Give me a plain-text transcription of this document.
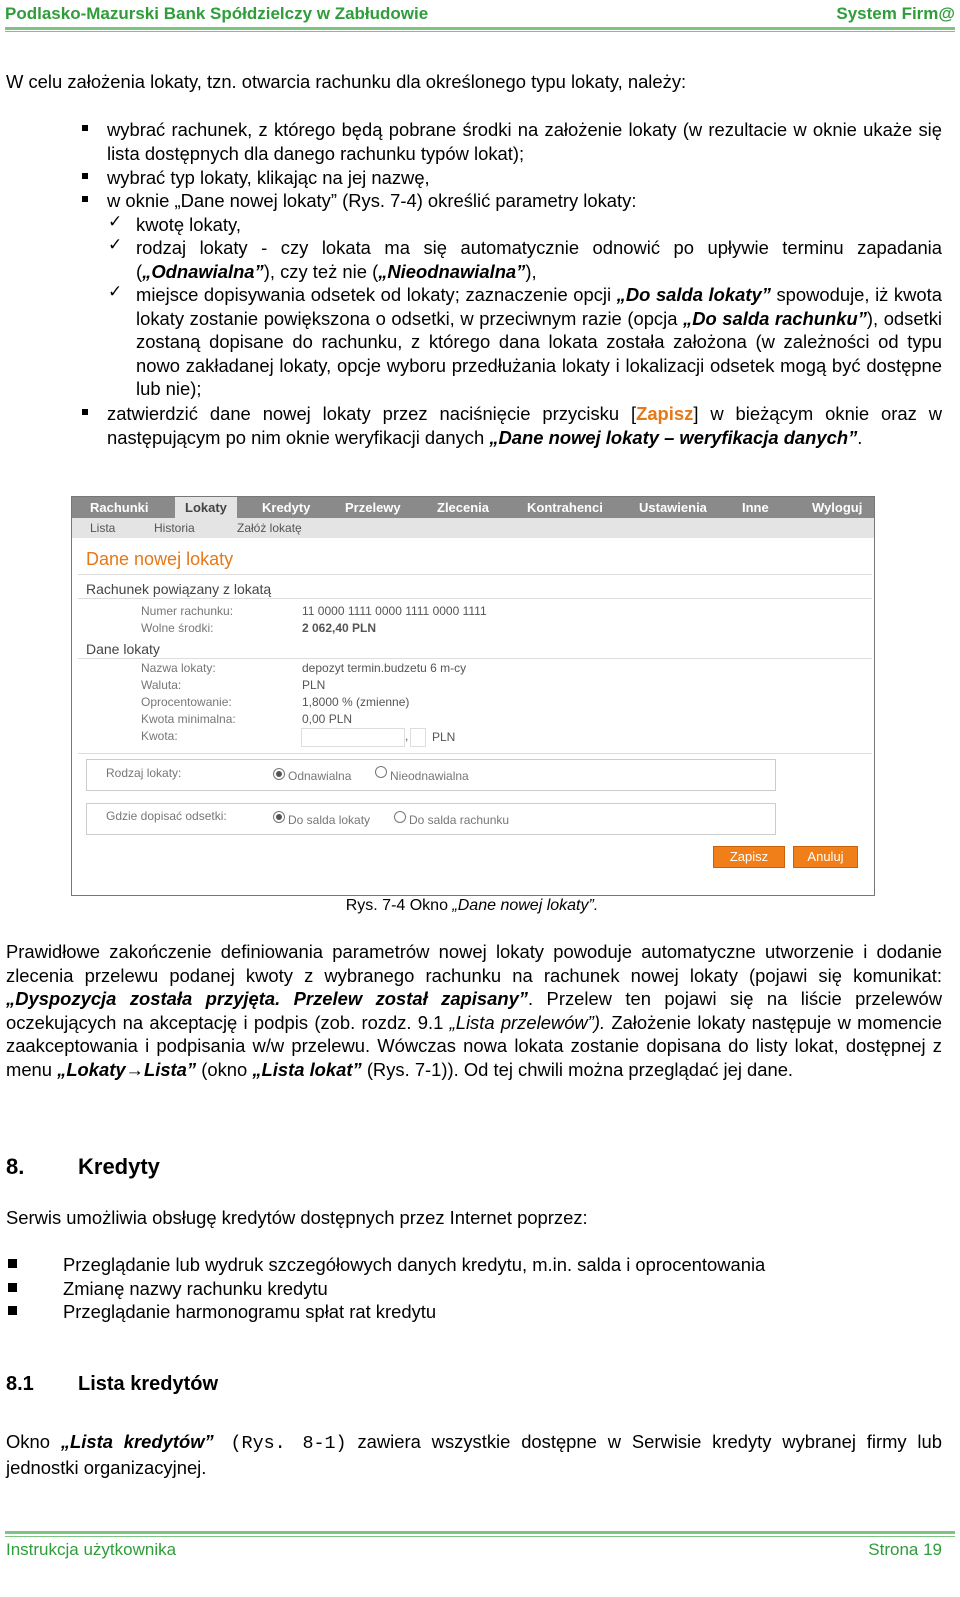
Podlasko-Mazurski Bank Spółdzielczy w Zabłudowie	System Firm@
W celu założenia lokaty, tzn. otwarcia rachunku dla określonego typu lokaty, należy:
wybrać rachunek, z którego będą pobrane środki na założenie lokaty (w rezultacie w oknie ukaże się lista dostępnych dla danego rachunku typów lokat);
wybrać typ lokaty, klikając na jej nazwę,
w oknie „Dane nowej lokaty” (Rys. 7-4) określić parametry lokaty:
✓ kwotę lokaty,
✓ rodzaj lokaty - czy lokata ma się automatycznie odnowić po upływie terminu zapadania („Odnawialna”), czy też nie („Nieodnawialna”),
✓ miejsce dopisywania odsetek od lokaty; zaznaczenie opcji „Do salda lokaty” spowoduje, iż kwota lokaty zostanie powiększona o odsetki, w przeciwnym razie (opcja „Do salda rachunku”), odsetki zostaną dopisane do rachunku, z którego dana lokata została założona (w zależności od typu nowo zakładanej lokaty, opcje wyboru przedłużania lokaty i lokalizacji odsetek mogą być dostępne lub nie);
zatwierdzić dane nowej lokaty przez naciśnięcie przycisku [Zapisz] w bieżącym oknie oraz w następującym po nim oknie weryfikacji danych „Dane nowej lokaty – weryfikacja danych”.
Rachunki	Lokaty	Kredyty	Przelewy	Zlecenia	Kontrahenci	Ustawienia	Inne	Wyloguj
Lista	Historia	Załóż lokatę
Dane nowej lokaty
Rachunek powiązany z lokatą
Numer rachunku:	11 0000 1111 0000 1111 0000 1111
Wolne środki:	2 062,40 PLN
Dane lokaty
Nazwa lokaty:	depozyt termin.budzetu 6 m-cy
Waluta:	PLN
Oprocentowanie:	1,8000 % (zmienne)
Kwota minimalna:	0,00 PLN
Kwota:	, PLN
Rodzaj lokaty:	Odnawialna	Nieodnawialna
Gdzie dopisać odsetki:	Do salda lokaty	Do salda rachunku
Zapisz	Anuluj
Rys. 7-4 Okno „Dane nowej lokaty”.
Prawidłowe zakończenie definiowania parametrów nowej lokaty powoduje automatyczne utworzenie i dodanie zlecenia przelewu podanej kwoty z wybranego rachunku na rachunek nowej lokaty (pojawi się komunikat: „Dyspozycja została przyjęta. Przelew został zapisany”. Przelew ten pojawi się na liście przelewów oczekujących na akceptację i podpis (zob. rozdz. 9.1 „Lista przelewów”). Założenie lokaty następuje w momencie zaakceptowania i podpisania w/w przelewu. Wówczas nowa lokata zostanie dopisana do listy lokat, dostępnej z menu „Lokaty→Lista” (okno „Lista lokat” (Rys. 7-1)). Od tej chwili można przeglądać jej dane.
8. Kredyty
Serwis umożliwia obsługę kredytów dostępnych przez Internet poprzez:
Przeglądanie lub wydruk szczegółowych danych kredytu, m.in. salda i oprocentowania
Zmianę nazwy rachunku kredytu
Przeglądanie harmonogramu spłat rat kredytu
8.1 Lista kredytów
Okno „Lista kredytów” (Rys. 8-1) zawiera wszystkie dostępne w Serwisie kredyty wybranej firmy lub jednostki organizacyjnej.
Instrukcja użytkownika	Strona 19
